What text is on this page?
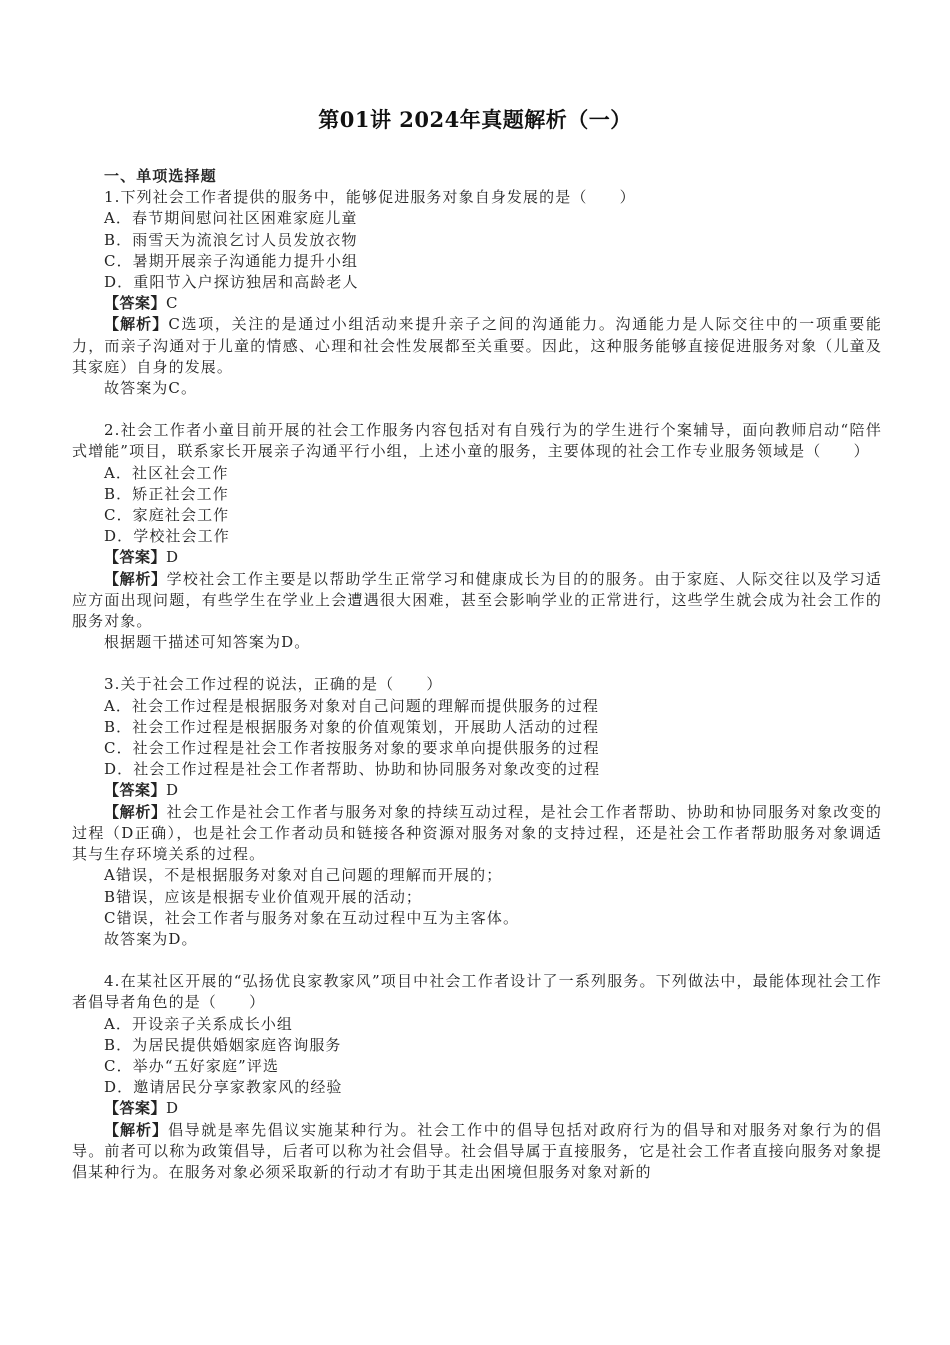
第01讲 2024年真题解析（一）
一、单项选择题
1.下列社会工作者提供的服务中，能够促进服务对象自身发展的是（　　）
A．春节期间慰问社区困难家庭儿童
B．雨雪天为流浪乞讨人员发放衣物
C．暑期开展亲子沟通能力提升小组
D．重阳节入户探访独居和高龄老人
【答案】C
【解析】C选项，关注的是通过小组活动来提升亲子之间的沟通能力。沟通能力是人际交往中的一项重要能力，而亲子沟通对于儿童的情感、心理和社会性发展都至关重要。因此，这种服务能够直接促进服务对象（儿童及其家庭）自身的发展。
故答案为C。
2.社会工作者小童目前开展的社会工作服务内容包括对有自残行为的学生进行个案辅导，面向教师启动“陪伴式增能”项目，联系家长开展亲子沟通平行小组，上述小童的服务，主要体现的社会工作专业服务领域是（　　）
A．社区社会工作
B．矫正社会工作
C．家庭社会工作
D．学校社会工作
【答案】D
【解析】学校社会工作主要是以帮助学生正常学习和健康成长为目的的服务。由于家庭、人际交往以及学习适应方面出现问题，有些学生在学业上会遭遇很大困难，甚至会影响学业的正常进行，这些学生就会成为社会工作的服务对象。
根据题干描述可知答案为D。
3.关于社会工作过程的说法，正确的是（　　）
A．社会工作过程是根据服务对象对自己问题的理解而提供服务的过程
B．社会工作过程是根据服务对象的价值观策划，开展助人活动的过程
C．社会工作过程是社会工作者按服务对象的要求单向提供服务的过程
D．社会工作过程是社会工作者帮助、协助和协同服务对象改变的过程
【答案】D
【解析】社会工作是社会工作者与服务对象的持续互动过程，是社会工作者帮助、协助和协同服务对象改变的过程（D正确），也是社会工作者动员和链接各种资源对服务对象的支持过程，还是社会工作者帮助服务对象调适其与生存环境关系的过程。
A错误，不是根据服务对象对自己问题的理解而开展的；
B错误，应该是根据专业价值观开展的活动；
C错误，社会工作者与服务对象在互动过程中互为主客体。
故答案为D。
4.在某社区开展的“弘扬优良家教家风”项目中社会工作者设计了一系列服务。下列做法中，最能体现社会工作者倡导者角色的是（　　）
A．开设亲子关系成长小组
B．为居民提供婚姻家庭咨询服务
C．举办“五好家庭”评选
D．邀请居民分享家教家风的经验
【答案】D
【解析】倡导就是率先倡议实施某种行为。社会工作中的倡导包括对政府行为的倡导和对服务对象行为的倡导。前者可以称为政策倡导，后者可以称为社会倡导。社会倡导属于直接服务，它是社会工作者直接向服务对象提倡某种行为。在服务对象必须采取新的行动才有助于其走出困境但服务对象对新的
